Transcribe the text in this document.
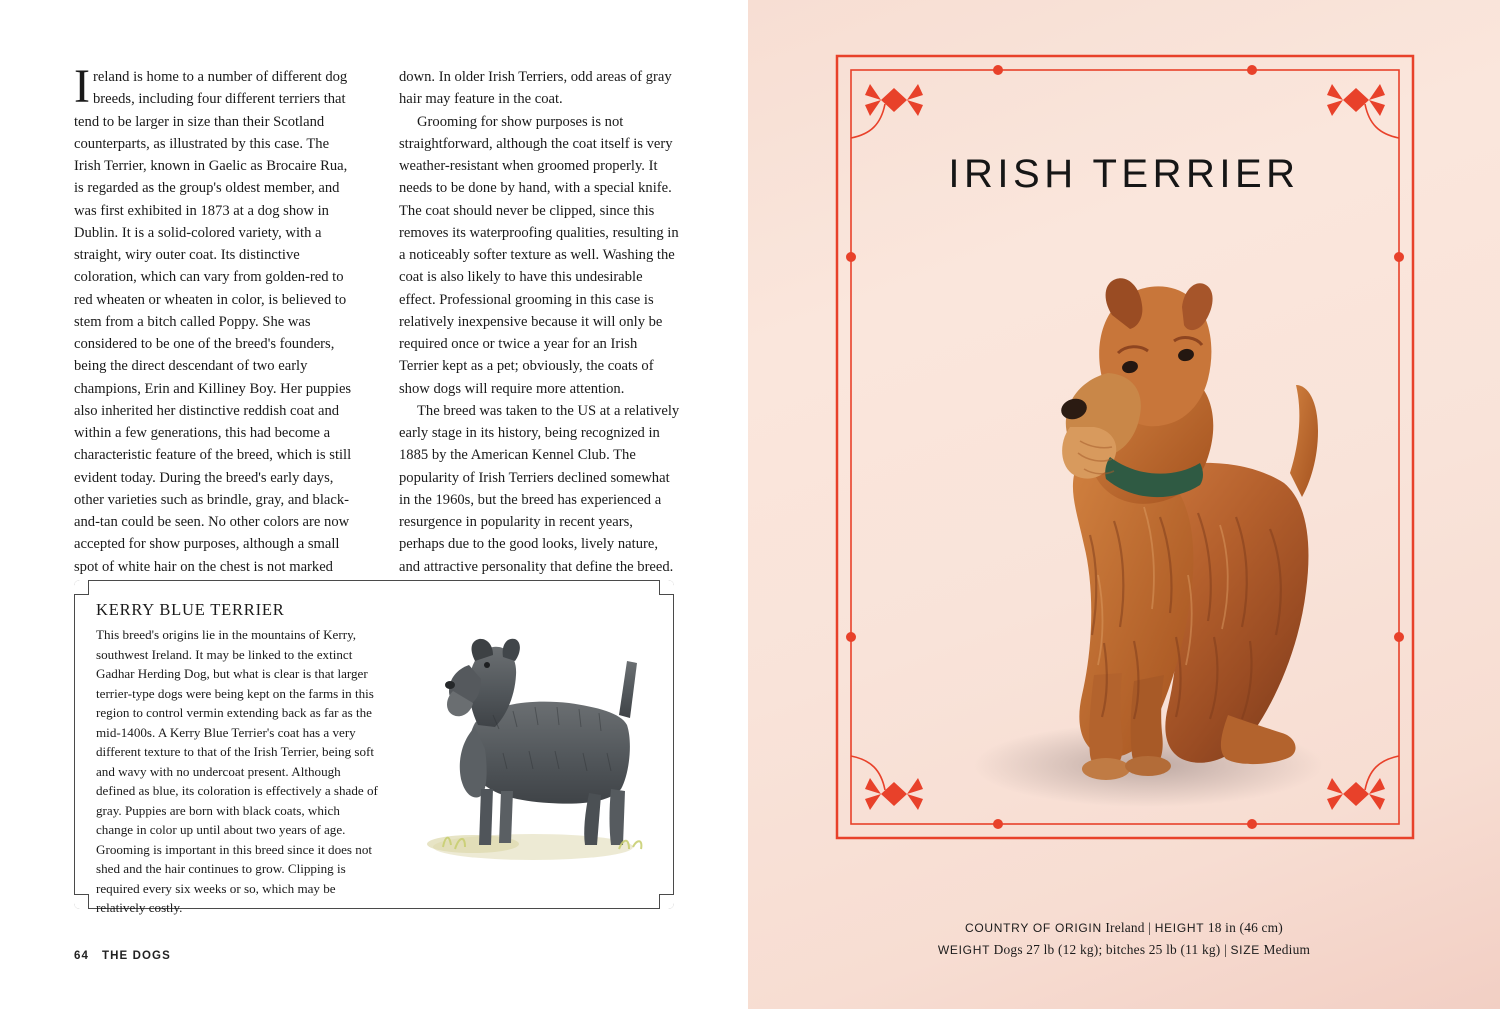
Ireland is home to a number of different dog breeds, including four different terriers that tend to be larger in size than their Scotland counterparts, as illustrated by this case. The Irish Terrier, known in Gaelic as Brocaire Rua, is regarded as the group's oldest member, and was first exhibited in 1873 at a dog show in Dublin. It is a solid-colored variety, with a straight, wiry outer coat. Its distinctive coloration, which can vary from golden-red to red wheaten or wheaten in color, is believed to stem from a bitch called Poppy. She was considered to be one of the breed's founders, being the direct descendant of two early champions, Erin and Killiney Boy. Her puppies also inherited her distinctive reddish coat and within a few generations, this had become a characteristic feature of the breed, which is still evident today. During the breed's early days, other varieties such as brindle, gray, and black-and-tan could be seen. No other colors are now accepted for show purposes, although a small spot of white hair on the chest is not marked

down. In older Irish Terriers, odd areas of gray hair may feature in the coat.

Grooming for show purposes is not straightforward, although the coat itself is very weather-resistant when groomed properly. It needs to be done by hand, with a special knife. The coat should never be clipped, since this removes its waterproofing qualities, resulting in a noticeably softer texture as well. Washing the coat is also likely to have this undesirable effect. Professional grooming in this case is relatively inexpensive because it will only be required once or twice a year for an Irish Terrier kept as a pet; obviously, the coats of show dogs will require more attention.

The breed was taken to the US at a relatively early stage in its history, being recognized in 1885 by the American Kennel Club. The popularity of Irish Terriers declined somewhat in the 1960s, but the breed has experienced a resurgence in popularity in recent years, perhaps due to the good looks, lively nature, and attractive personality that define the breed.

KERRY BLUE TERRIER

This breed's origins lie in the mountains of Kerry, southwest Ireland. It may be linked to the extinct Gadhar Herding Dog, but what is clear is that larger terrier-type dogs were being kept on the farms in this region to control vermin extending back as far as the mid-1400s. A Kerry Blue Terrier's coat has a very different texture to that of the Irish Terrier, being soft and wavy with no undercoat present. Although defined as blue, its coloration is effectively a shade of gray. Puppies are born with black coats, which change in color up until about two years of age. Grooming is important in this breed since it does not shed and the hair continues to grow. Clipping is required every six weeks or so, which may be relatively costly.

64 THE DOGS
IRISH TERRIER
COUNTRY OF ORIGIN Ireland | HEIGHT 18 in (46 cm)
WEIGHT Dogs 27 lb (12 kg); bitches 25 lb (11 kg) | SIZE Medium
